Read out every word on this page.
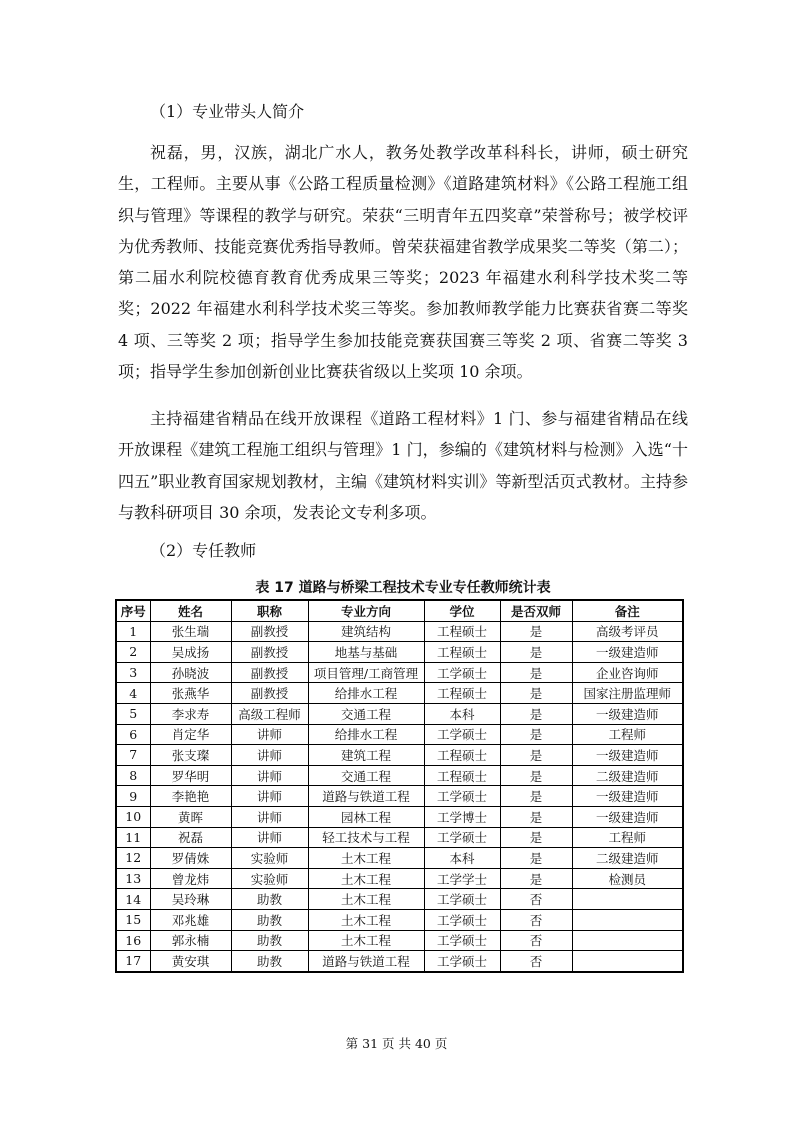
（1）专业带头人简介

祝磊，男，汉族，湖北广水人，教务处教学改革科科长，讲师，硕士研究生，工程师。主要从事《公路工程质量检测》《道路建筑材料》《公路工程施工组织与管理》等课程的教学与研究。荣获“三明青年五四奖章”荣誉称号；被学校评为优秀教师、技能竞赛优秀指导教师。曾荣获福建省教学成果奖二等奖（第二）；第二届水利院校德育教育优秀成果三等奖；2023 年福建水利科学技术奖二等奖；2022 年福建水利科学技术奖三等奖。参加教师教学能力比赛获省赛二等奖 4 项、三等奖 2 项；指导学生参加技能竞赛获国赛三等奖 2 项、省赛二等奖 3 项；指导学生参加创新创业比赛获省级以上奖项 10 余项。

主持福建省精品在线开放课程《道路工程材料》1 门、参与福建省精品在线开放课程《建筑工程施工组织与管理》1 门，参编的《建筑材料与检测》入选“十四五”职业教育国家规划教材，主编《建筑材料实训》等新型活页式教材。主持参与教科研项目 30 余项，发表论文专利多项。

（2）专任教师
表 17 道路与桥梁工程技术专业专任教师统计表
序号	姓名	职称	专业方向	学位	是否双师	备注
1	张生瑞	副教授	建筑结构	工程硕士	是	高级考评员
2	吴成扬	副教授	地基与基础	工程硕士	是	一级建造师
3	孙晓波	副教授	项目管理/工商管理	工学硕士	是	企业咨询师
4	张燕华	副教授	给排水工程	工程硕士	是	国家注册监理师
5	李求寿	高级工程师	交通工程	本科	是	一级建造师
6	肖定华	讲师	给排水工程	工学硕士	是	工程师
7	张支璨	讲师	建筑工程	工程硕士	是	一级建造师
8	罗华明	讲师	交通工程	工程硕士	是	二级建造师
9	李艳艳	讲师	道路与铁道工程	工学硕士	是	一级建造师
10	黄晖	讲师	园林工程	工学博士	是	一级建造师
11	祝磊	讲师	轻工技术与工程	工学硕士	是	工程师
12	罗倩姝	实验师	土木工程	本科	是	二级建造师
13	曾龙炜	实验师	土木工程	工学学士	是	检测员
14	吴玲琳	助教	土木工程	工学硕士	否	
15	邓兆雄	助教	土木工程	工学硕士	否	
16	郭永楠	助教	土木工程	工学硕士	否	
17	黄安琪	助教	道路与铁道工程	工学硕士	否	
第 31 页 共 40 页
